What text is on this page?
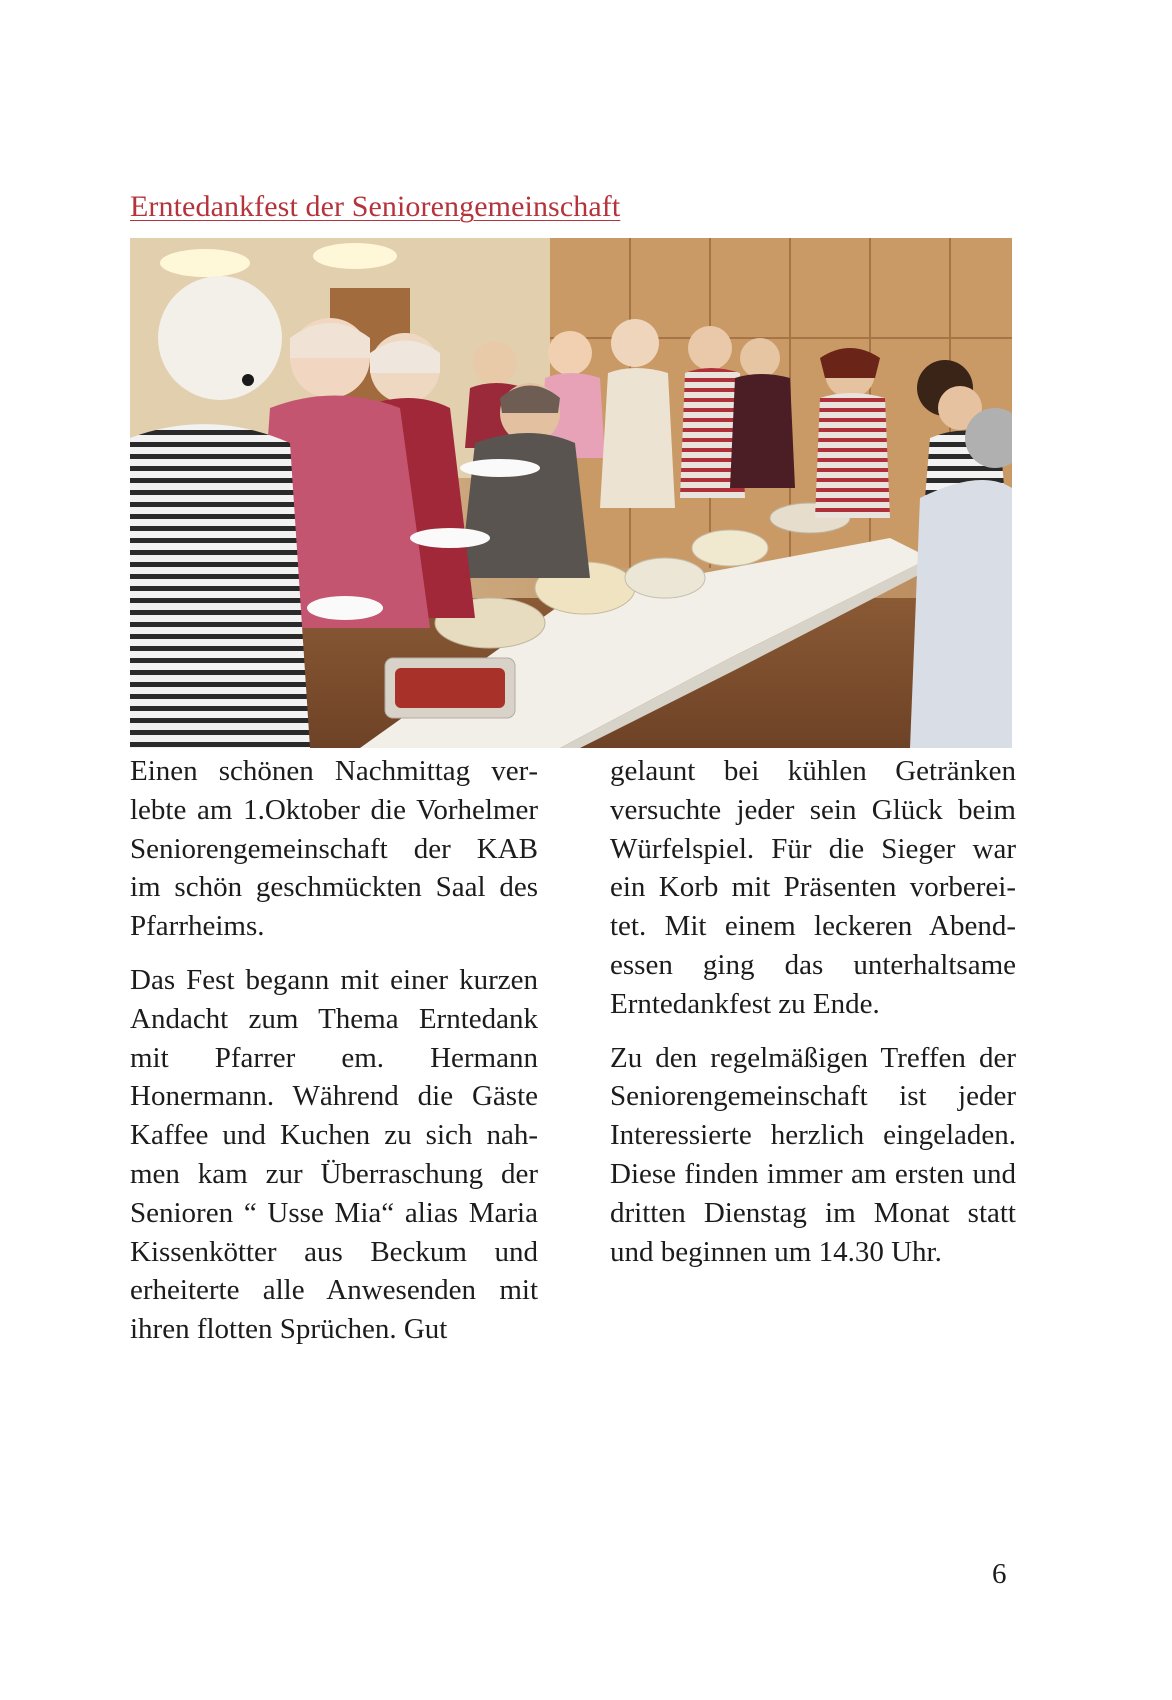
Erntedankfest der Seniorengemeinschaft

Einen schönen Nachmittag verlebte am 1.Oktober die Vorhelmer Seniorengemeinschaft der KAB im schön geschmückten Saal des Pfarrheims.

Das Fest begann mit einer kurzen Andacht zum Thema Erntedank mit Pfarrer em. Hermann Honermann. Während die Gäste Kaffee und Kuchen zu sich nahmen kam zur Überraschung der Senioren “ Usse Mia“ alias Maria Kissenkötter aus Beckum und erheiterte alle Anwesenden mit ihren flotten Sprüchen. Gut

gelaunt bei kühlen Getränken versuchte jeder sein Glück beim Würfelspiel. Für die Sieger war ein Korb mit Präsenten vorbereitet. Mit einem leckeren Abendessen ging das unterhaltsame Erntedankfest zu Ende.

Zu den regelmäßigen Treffen der Seniorengemeinschaft ist jeder Interessierte herzlich eingeladen. Diese finden immer am ersten und dritten Dienstag im Monat statt und beginnen um 14.30 Uhr.

6
